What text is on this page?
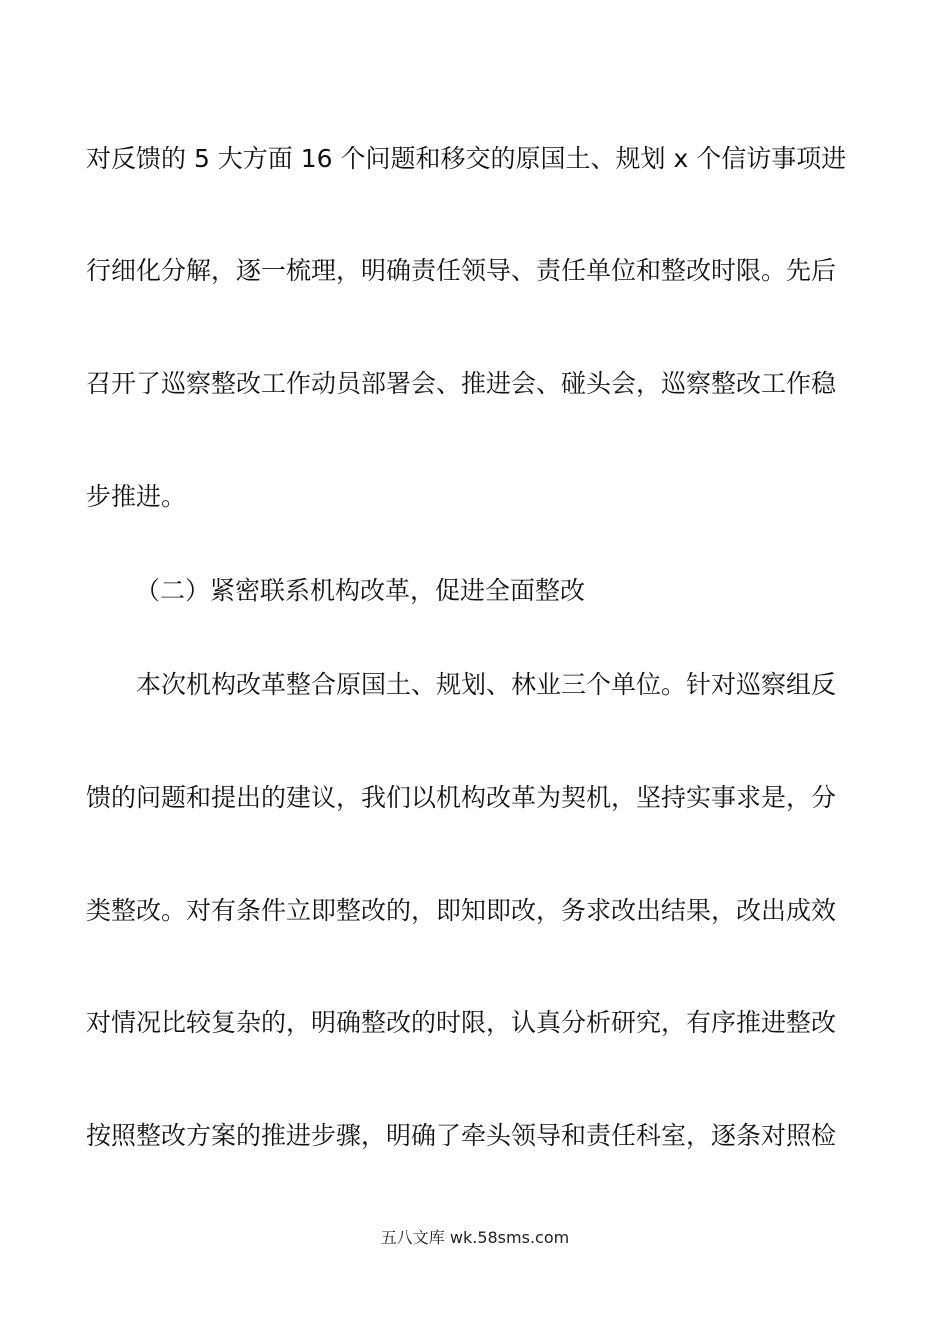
对反馈的 5 大方面 16 个问题和移交的原国土、规划 x 个信访事项进
行细化分解，逐一梳理，明确责任领导、责任单位和整改时限。先后
召开了巡察整改工作动员部署会、推进会、碰头会，巡察整改工作稳
步推进。
（二）紧密联系机构改革，促进全面整改
本次机构改革整合原国土、规划、林业三个单位。针对巡察组反
馈的问题和提出的建议，我们以机构改革为契机，坚持实事求是，分
类整改。对有条件立即整改的，即知即改，务求改出结果，改出成效
对情况比较复杂的，明确整改的时限，认真分析研究，有序推进整改
按照整改方案的推进步骤，明确了牵头领导和责任科室，逐条对照检
五八文库 wk.58sms.com
